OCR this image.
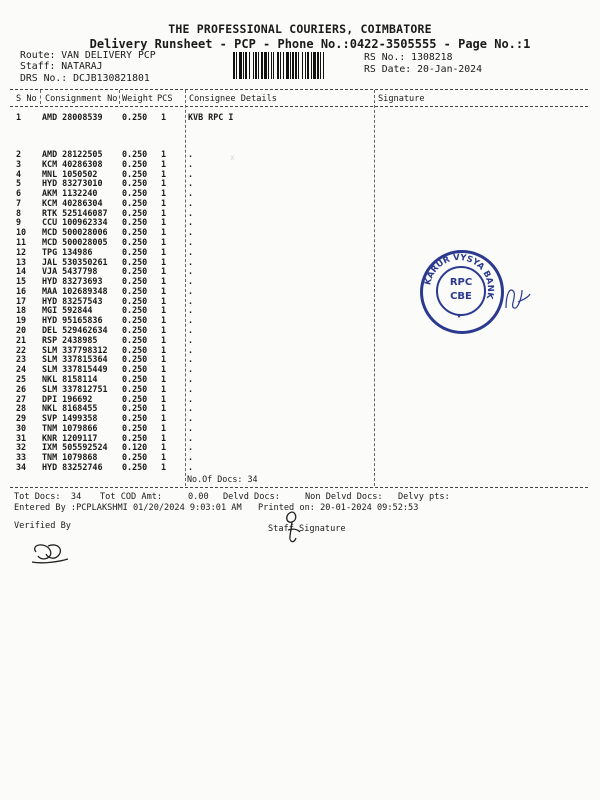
THE PROFESSIONAL COURIERS, COIMBATORE
Delivery Runsheet - PCP - Phone No.:0422-3505555 - Page No.:1
Route: VAN DELIVERY PCP
Staff: NATARAJ
DRS No.: DCJB130821801
RS No.: 1308218
RS Date: 20-Jan-2024
S No Consignment No Weight PCS Consignee Details	Signature
ⅹ
1 AMD 28008539 0.250 1	KVB RPC I
2 AMD 28122505 0.250 1	.
3 KCM 40286308 0.250 1	.
4 MNL 1050502	0.250 1	.
5 HYD 83273010 0.250 1	.
6 AKM 1132240	0.250 1	.
7 KCM 40286304 0.250 1	.
8 RTK 525146087 0.250 1	.
9 CCU 100962334 0.250 1	.
10 MCD 500028006 0.250 1	.
11 MCD 500028005 0.250 1	.
12 TPG 134986	0.250 1	.
13 JAL 530350261 0.250 1	.
14 VJA 5437798	0.250 1	.
15 HYD 83273693 0.250 1	.
16 MAA 102689348 0.250 1	.
17 HYD 83257543 0.250 1	.
18 MGI 592844	0.250 1	.
19 HYD 95165836 0.250 1	.
20 DEL 529462634 0.250 1	.
21 RSP 2438985	0.250 1	.
22 SLM 337798312 0.250 1	.
23 SLM 337815364 0.250 1	.
24 SLM 337815449 0.250 1	.
25 NKL 8158114	0.250 1	.
26 SLM 337812751 0.250 1	.
27 DPI 196692	0.250 1	.
28 NKL 8168455	0.250 1	.
29 SVP 1499358	0.250 1	.
30 TNM 1079866	0.250 1	.
31 KNR 1209117	0.250 1	.
32 IXM 505592524 0.120 1	.
33 TNM 1079868	0.250 1	.
34 HYD 83252746 0.250 1	.
No.Of Docs: 34
Tot Docs:  34 Tot COD Amt:     0.00 Delvd Docs:	Non Delvd Docs: Delvy pts:
Entered By :PCPLAKSHMI 01/20/2024 9:03:01 AM Printed on: 20-01-2024 09:52:53
Verified By	Staff Signature
KARUR VYSYA BANK
★
RPC
CBE
